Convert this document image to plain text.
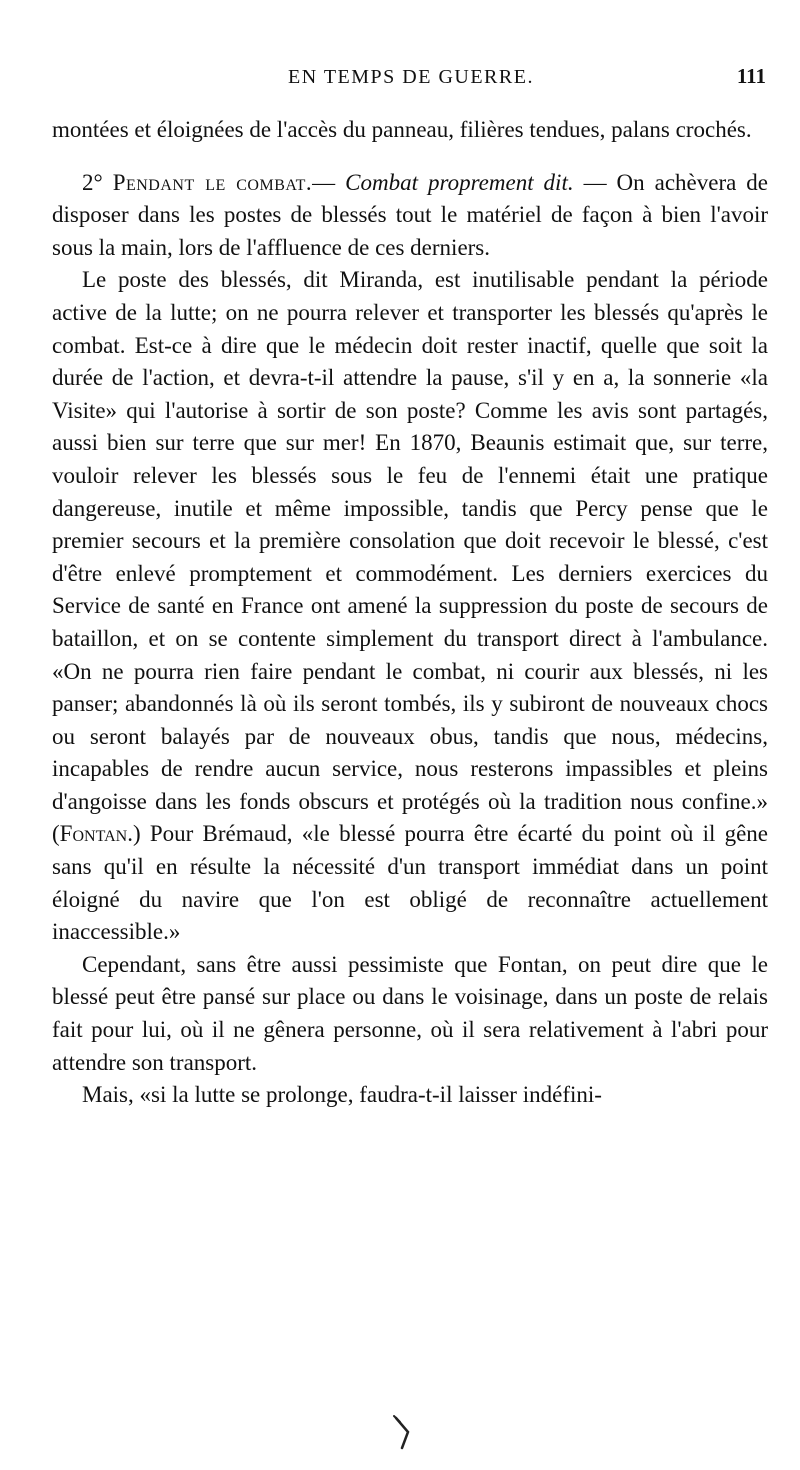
EN TEMPS DE GUERRE.	111

montées et éloignées de l'accès du panneau, filières tendues, palans crochés.

2° Pendant le combat.— Combat proprement dit. — On achèvera de disposer dans les postes de blessés tout le matériel de façon à bien l'avoir sous la main, lors de l'affluence de ces derniers.

Le poste des blessés, dit Miranda, est inutilisable pendant la période active de la lutte; on ne pourra relever et transporter les blessés qu'après le combat. Est-ce à dire que le médecin doit rester inactif, quelle que soit la durée de l'action, et devra-t-il attendre la pause, s'il y en a, la sonnerie «la Visite» qui l'autorise à sortir de son poste? Comme les avis sont partagés, aussi bien sur terre que sur mer! En 1870, Beaunis estimait que, sur terre, vouloir relever les blessés sous le feu de l'ennemi était une pratique dangereuse, inutile et même impossible, tandis que Percy pense que le premier secours et la première consolation que doit recevoir le blessé, c'est d'être enlevé promptement et commodément. Les derniers exercices du Service de santé en France ont amené la suppression du poste de secours de bataillon, et on se contente simplement du transport direct à l'ambulance. «On ne pourra rien faire pendant le combat, ni courir aux blessés, ni les panser; abandonnés là où ils seront tombés, ils y subiront de nouveaux chocs ou seront balayés par de nouveaux obus, tandis que nous, médecins, incapables de rendre aucun service, nous resterons impassibles et pleins d'angoisse dans les fonds obscurs et protégés où la tradition nous confine.» (Fontan.) Pour Brémaud, «le blessé pourra être écarté du point où il gêne sans qu'il en résulte la nécessité d'un transport immédiat dans un point éloigné du navire que l'on est obligé de reconnaître actuellement inaccessible.»

Cependant, sans être aussi pessimiste que Fontan, on peut dire que le blessé peut être pansé sur place ou dans le voisinage, dans un poste de relais fait pour lui, où il ne gênera personne, où il sera relativement à l'abri pour attendre son transport.

Mais, «si la lutte se prolonge, faudra-t-il laisser indéfini-
